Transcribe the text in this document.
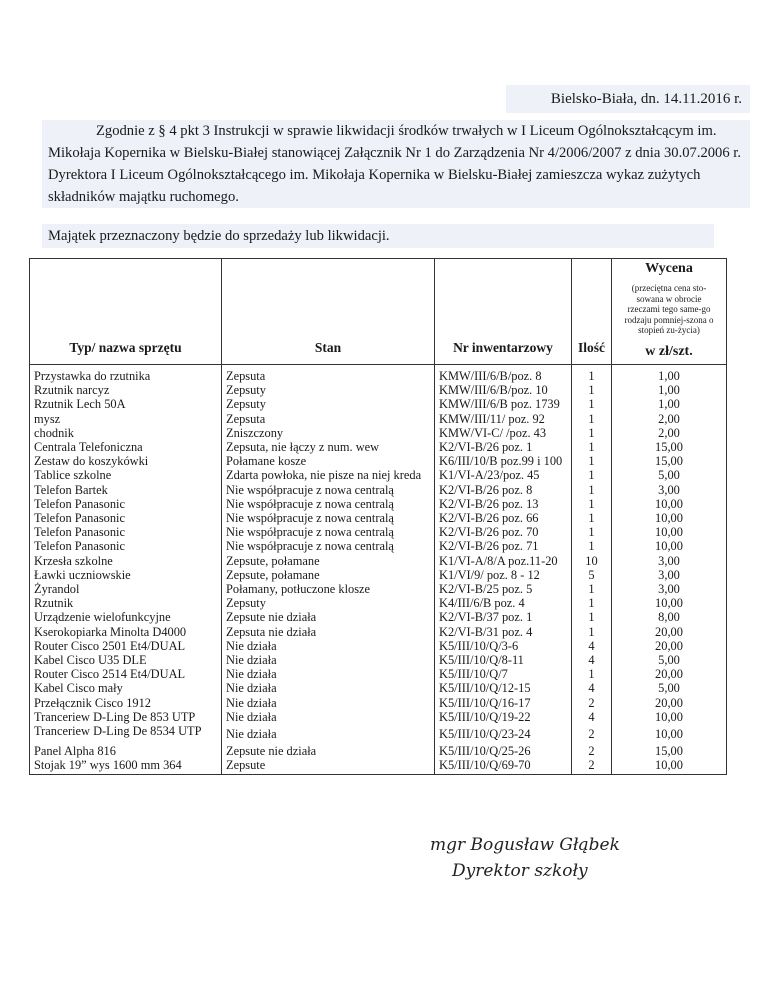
Bielsko-Biała, dn. 14.11.2016 r.
Zgodnie z § 4 pkt 3 Instrukcji w sprawie likwidacji środków trwałych w I Liceum Ogólnokształcącym im. Mikołaja Kopernika w Bielsku-Białej stanowiącej Załącznik Nr 1 do Zarządzenia Nr 4/2006/2007 z dnia 30.07.2006 r. Dyrektora I Liceum Ogólnokształcącego im. Mikołaja Kopernika w Bielsku-Białej zamieszcza wykaz zużytych składników majątku ruchomego.
Majątek przeznaczony będzie do sprzedaży lub likwidacji.
Typ/ nazwa sprzętu	Stan	Nr inwentarzowy	Ilość	Wycena
(przeciętna cena sto-sowana w obrocie rzeczami tego same-go rodzaju pomniej-szona o stopień zu-życia)
w zł/szt.

Przystawka do rzutnika	Zepsuta	KMW/III/6/B/poz. 8	1	1,00
Rzutnik narcyz	Zepsuty	KMW/III/6/B/poz. 10	1	1,00
Rzutnik Lech 50A	Zepsuty	KMW/III/6/B poz. 1739	1	1,00
mysz	Zepsuta	KMW/III/11/ poz. 92	1	2,00
chodnik	Zniszczony	KMW/VI-C/ /poz. 43	1	2,00
Centrala Telefoniczna	Zepsuta, nie łączy z num. wew	K2/VI-B/26 poz. 1	1	15,00
Zestaw do koszykówki	Połamane kosze	K6/III/10/B poz.99 i 100	1	15,00
Tablice szkolne	Zdarta powłoka, nie pisze na niej kreda	K1/VI-A/23/poz. 45	1	5,00
Telefon Bartek	Nie współpracuje z nowa centralą	K2/VI-B/26 poz. 8	1	3,00
Telefon Panasonic	Nie współpracuje z nowa centralą	K2/VI-B/26 poz. 13	1	10,00
Telefon Panasonic	Nie współpracuje z nowa centralą	K2/VI-B/26 poz. 66	1	10,00
Telefon Panasonic	Nie współpracuje z nowa centralą	K2/VI-B/26 poz. 70	1	10,00
Telefon Panasonic	Nie współpracuje z nowa centralą	K2/VI-B/26 poz. 71	1	10,00
Krzesła szkolne	Zepsute, połamane	K1/VI-A/8/A poz.11-20	10	3,00
Ławki uczniowskie	Zepsute, połamane	K1/VI/9/ poz. 8 - 12	5	3,00
Żyrandol	Połamany, potłuczone klosze	K2/VI-B/25 poz. 5	1	3,00
Rzutnik	Zepsuty	K4/III/6/B poz. 4	1	10,00
Urządzenie wielofunkcyjne	Zepsute nie działa	K2/VI-B/37 poz. 1	1	8,00
Kserokopiarka Minolta D4000	Zepsuta nie działa	K2/VI-B/31 poz. 4	1	20,00
Router Cisco 2501 Et4/DUAL	Nie działa	K5/III/10/Q/3-6	4	20,00
Kabel Cisco U35 DLE	Nie działa	K5/III/10/Q/8-11	4	5,00
Router Cisco 2514 Et4/DUAL	Nie działa	K5/III/10/Q/7	1	20,00
Kabel Cisco mały	Nie działa	K5/III/10/Q/12-15	4	5,00
Przełącznik Cisco 1912	Nie działa	K5/III/10/Q/16-17	2	20,00
Tranceriew D-Ling De 853 UTP	Nie działa	K5/III/10/Q/19-22	4	10,00
Tranceriew D-Ling De 8534 UTP	Nie działa	K5/III/10/Q/23-24	2	10,00
Panel Alpha 816	Zepsute nie działa	K5/III/10/Q/25-26	2	15,00
Stojak 19” wys 1600 mm 364	Zepsute	K5/III/10/Q/69-70	2	10,00
mgr Bogusław Głąbek
Dyrektor szkoły
